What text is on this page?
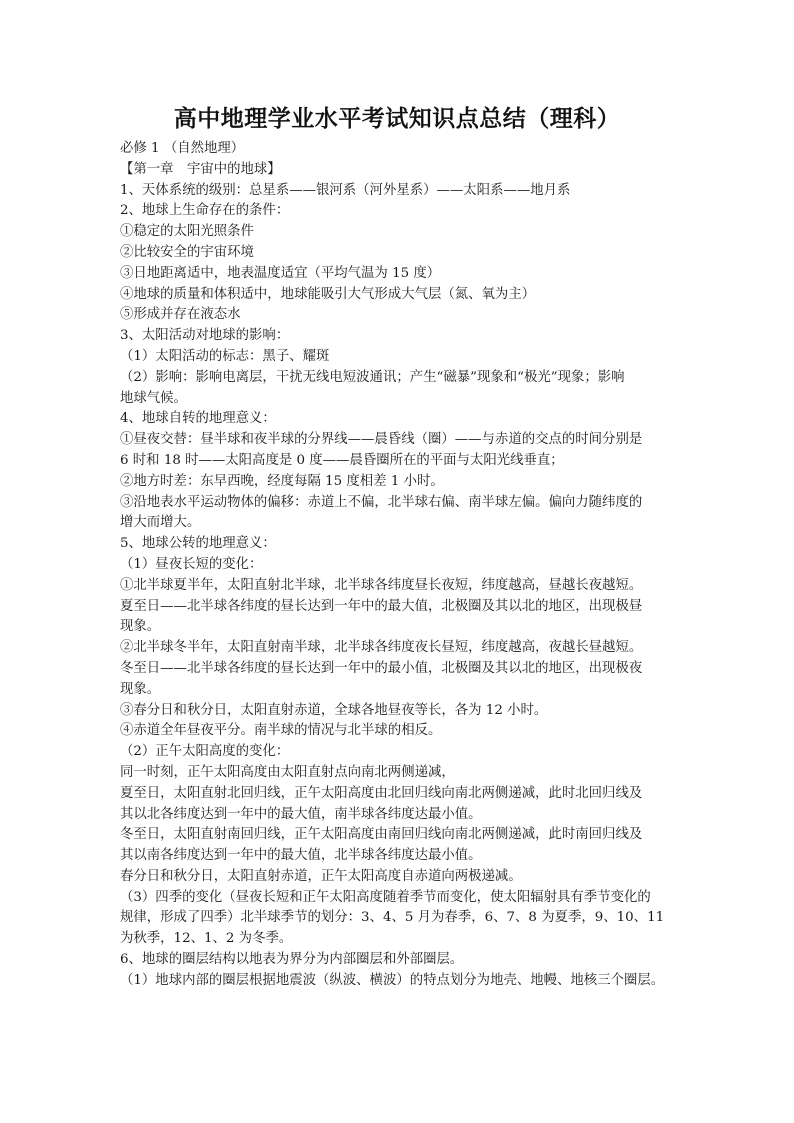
高中地理学业水平考试知识点总结（理科）
必修 1 （自然地理）
【第一章　宇宙中的地球】
1、天体系统的级别：总星系——银河系（河外星系）——太阳系——地月系
2、地球上生命存在的条件：
①稳定的太阳光照条件
②比较安全的宇宙环境
③日地距离适中，地表温度适宜（平均气温为 15 度）
④地球的质量和体积适中，地球能吸引大气形成大气层（氮、氧为主）
⑤形成并存在液态水
3、太阳活动对地球的影响：
（1）太阳活动的标志：黑子、耀斑
（2）影响：影响电离层，干扰无线电短波通讯；产生“磁暴”现象和“极光”现象；影响
地球气候。
4、地球自转的地理意义：
①昼夜交替：昼半球和夜半球的分界线——晨昏线（圈）——与赤道的交点的时间分别是
6 时和 18 时——太阳高度是 0 度——晨昏圈所在的平面与太阳光线垂直；
②地方时差：东早西晚，经度每隔 15 度相差 1 小时。
③沿地表水平运动物体的偏移：赤道上不偏，北半球右偏、南半球左偏。偏向力随纬度的
增大而增大。
5、地球公转的地理意义：
（1）昼夜长短的变化：
①北半球夏半年，太阳直射北半球，北半球各纬度昼长夜短，纬度越高，昼越长夜越短。
夏至日——北半球各纬度的昼长达到一年中的最大值，北极圈及其以北的地区，出现极昼
现象。
②北半球冬半年，太阳直射南半球，北半球各纬度夜长昼短，纬度越高，夜越长昼越短。
冬至日——北半球各纬度的昼长达到一年中的最小值，北极圈及其以北的地区，出现极夜
现象。
③春分日和秋分日，太阳直射赤道，全球各地昼夜等长，各为 12 小时。
④赤道全年昼夜平分。南半球的情况与北半球的相反。
（2）正午太阳高度的变化：
同一时刻，正午太阳高度由太阳直射点向南北两侧递减，
夏至日，太阳直射北回归线，正午太阳高度由北回归线向南北两侧递减，此时北回归线及
其以北各纬度达到一年中的最大值，南半球各纬度达最小值。
冬至日，太阳直射南回归线，正午太阳高度由南回归线向南北两侧递减，此时南回归线及
其以南各纬度达到一年中的最大值，北半球各纬度达最小值。
春分日和秋分日，太阳直射赤道，正午太阳高度自赤道向两极递减。
（3）四季的变化（昼夜长短和正午太阳高度随着季节而变化，使太阳辐射具有季节变化的
规律，形成了四季）北半球季节的划分：3、4、5 月为春季，6、7、8 为夏季，9、10、11
为秋季，12、1、2 为冬季。
6、地球的圈层结构以地表为界分为内部圈层和外部圈层。
（1）地球内部的圈层根据地震波（纵波、横波）的特点划分为地壳、地幔、地核三个圈层。
